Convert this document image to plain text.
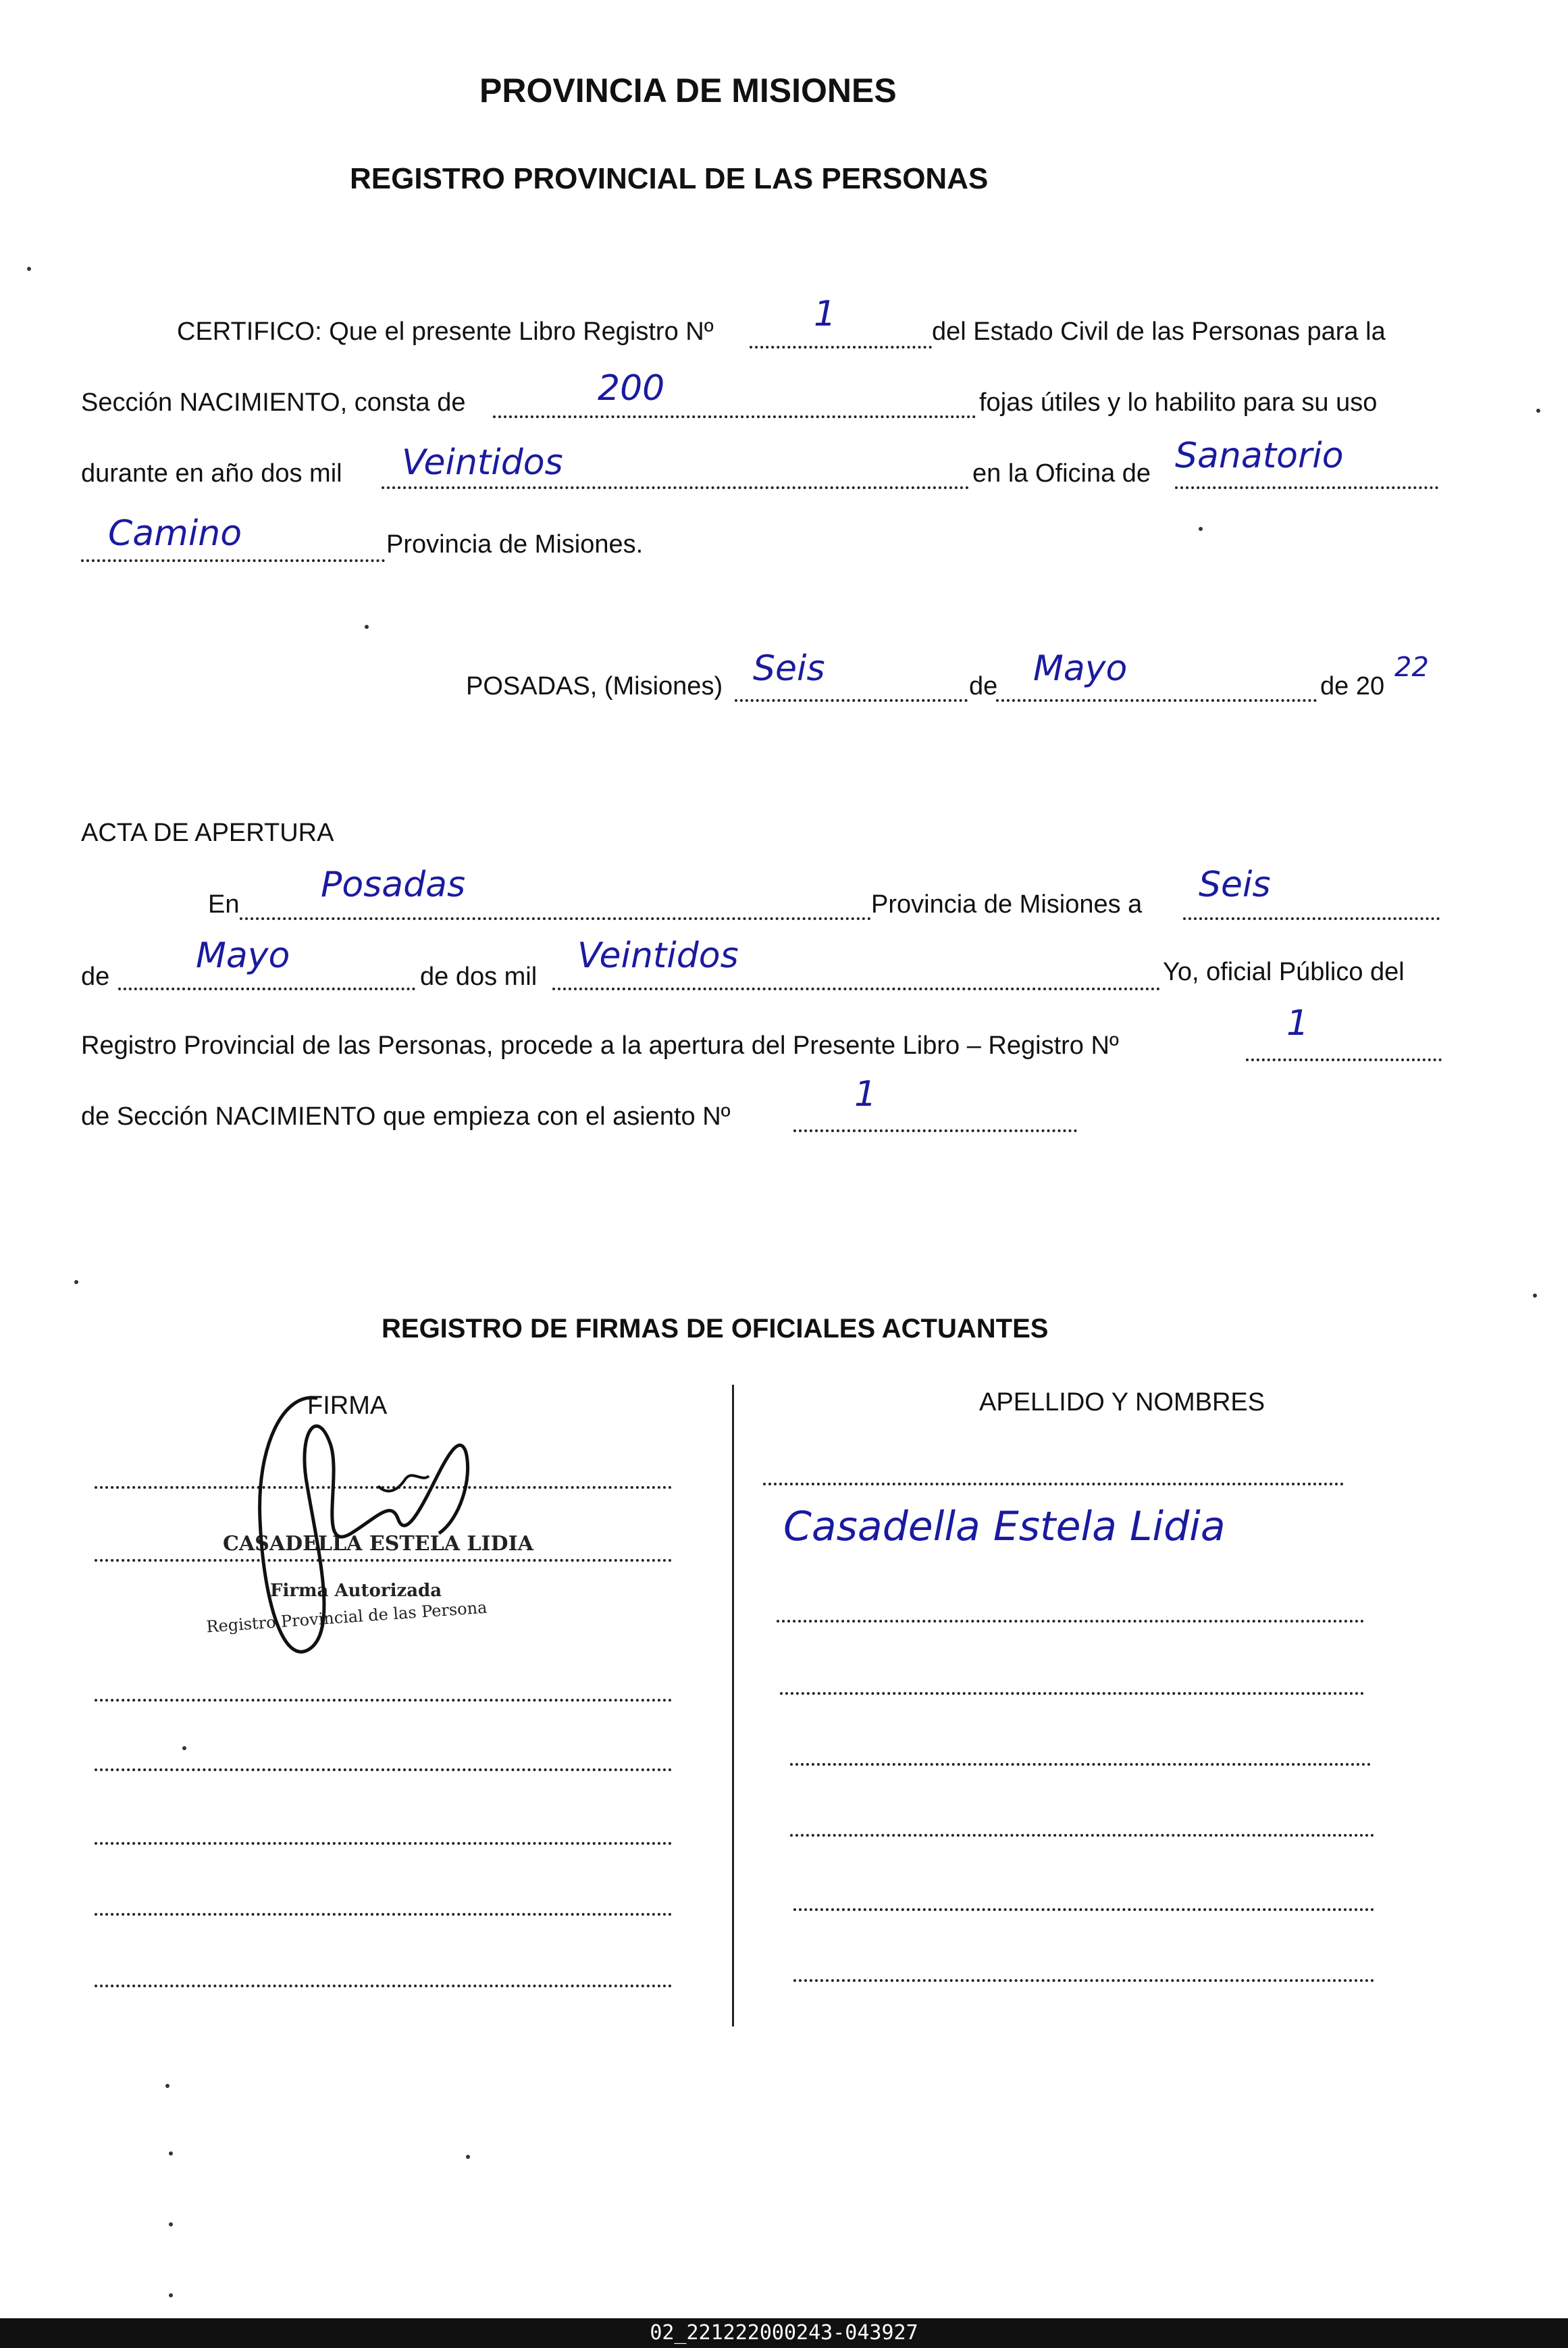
PROVINCIA DE MISIONES
REGISTRO PROVINCIAL DE LAS PERSONAS
CERTIFICO: Que el presente Libro Registro Nº	1	del Estado Civil de las Personas para la
Sección NACIMIENTO, consta de	200	fojas útiles y lo habilito para su uso
durante en año dos mil Veintidos	en la Oficina de Sanatorio
Camino	Provincia de Misiones.
POSADAS, (Misiones) Seis	de Mayo	de 20
22
ACTA DE APERTURA
En Posadas	Provincia de Misiones a Seis
de
Mayo
de dos mil
Veintidos	Yo, oficial Público del
Registro Provincial de las Personas, procede a la apertura del Presente Libro – Registro Nº
1
de Sección NACIMIENTO que empieza con el asiento Nº
1
REGISTRO DE FIRMAS DE OFICIALES ACTUANTES
FIRMA	APELLIDO Y NOMBRES
Casadella Estela Lidia
CASADELLA ESTELA LIDIA
Firma Autorizada
Registro Provincial de las Persona
02_221222000243-043927
